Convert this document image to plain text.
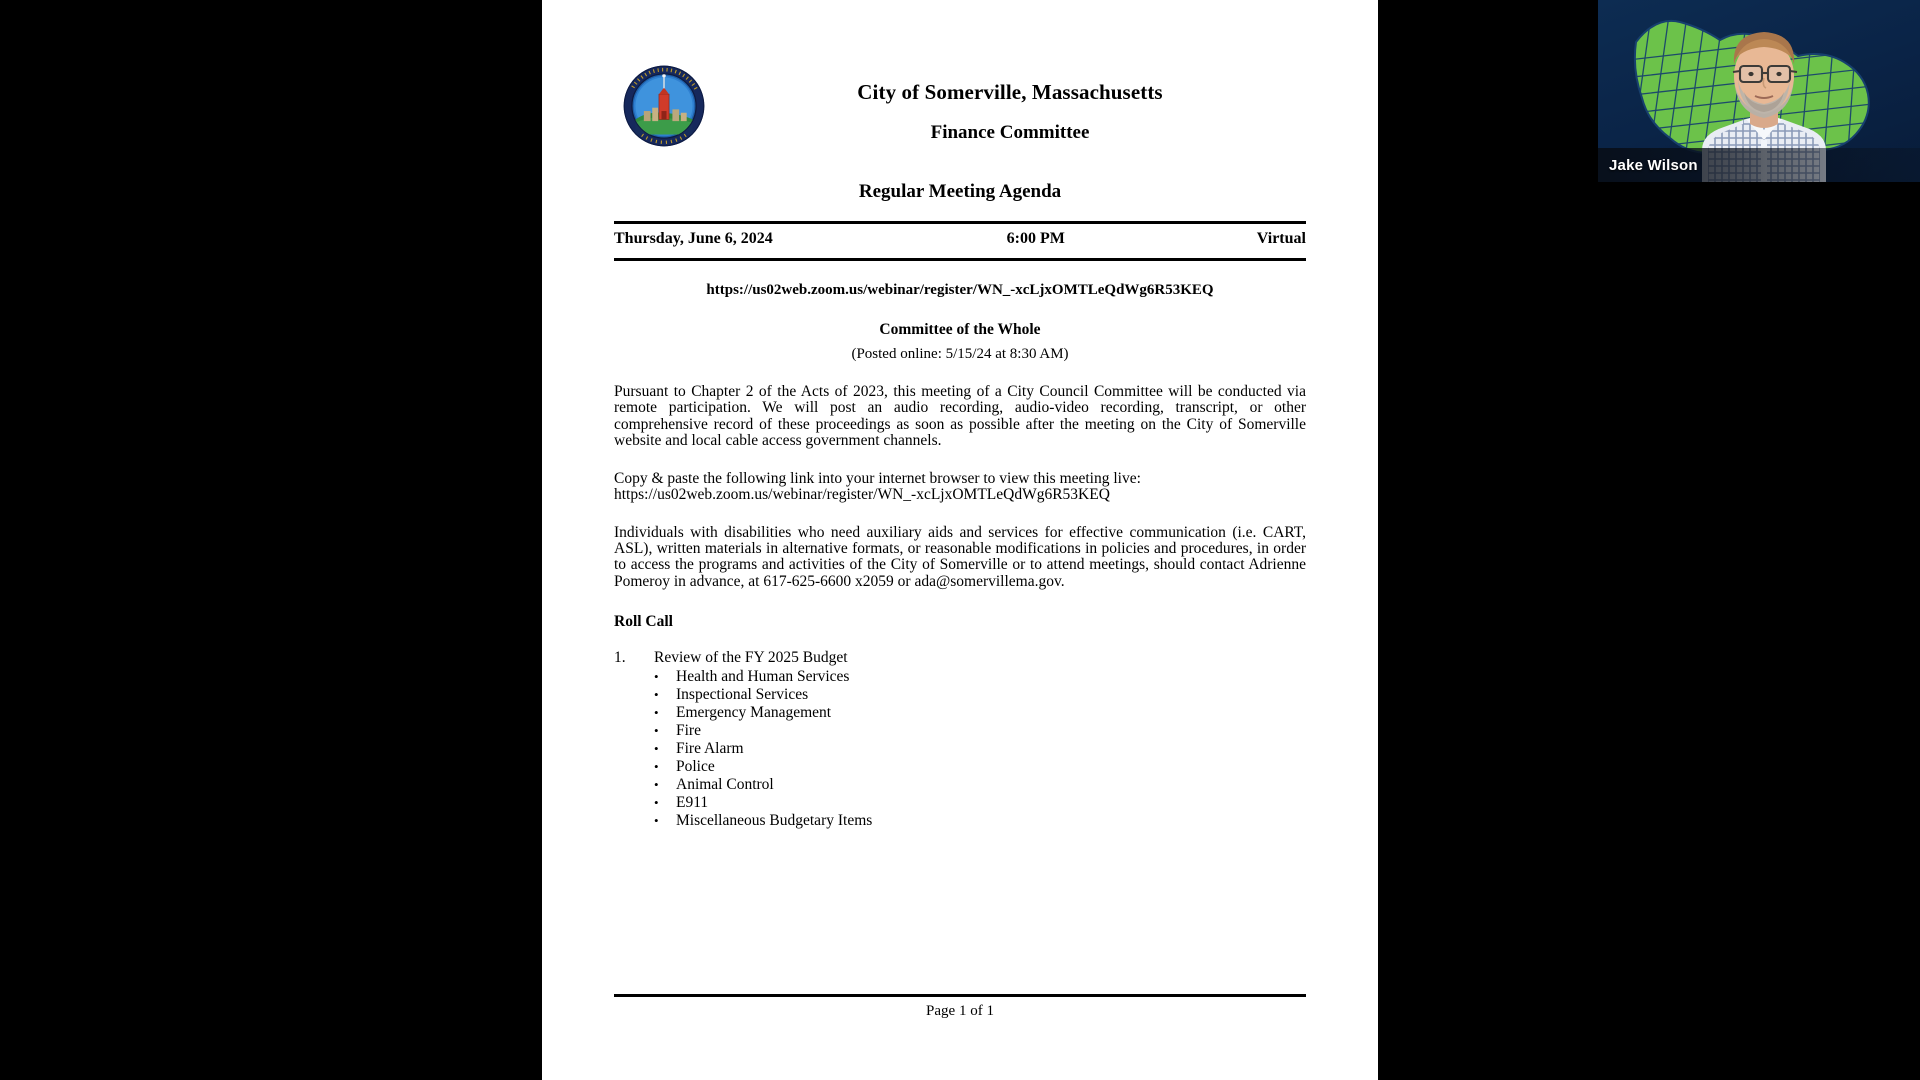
City of Somerville, Massachusetts
Finance Committee
Regular Meeting Agenda
Thursday, June 6, 2024	6:00 PM	Virtual
https://us02web.zoom.us/webinar/register/WN_-xcLjxOMTLeQdWg6R53KEQ
Committee of the Whole
(Posted online: 5/15/24 at 8:30 AM)

Pursuant to Chapter 2 of the Acts of 2023, this meeting of a City Council Committee will be conducted via remote participation. We will post an audio recording, audio-video recording, transcript, or other comprehensive record of these proceedings as soon as possible after the meeting on the City of Somerville website and local cable access government channels.

Copy & paste the following link into your internet browser to view this meeting live:
https://us02web.zoom.us/webinar/register/WN_-xcLjxOMTLeQdWg6R53KEQ

Individuals with disabilities who need auxiliary aids and services for effective communication (i.e. CART, ASL), written materials in alternative formats, or reasonable modifications in policies and procedures, in order to access the programs and activities of the City of Somerville or to attend meetings, should contact Adrienne Pomeroy in advance, at 617-625-6600 x2059 or ada@somervillema.gov.

Roll Call
1.	Review of the FY 2025 Budget
•	Health and Human Services
•	Inspectional Services
•	Emergency Management
•	Fire
•	Fire Alarm
•	Police
•	Animal Control
•	E911
•	Miscellaneous Budgetary Items
Page 1 of 1
Jake Wilson
